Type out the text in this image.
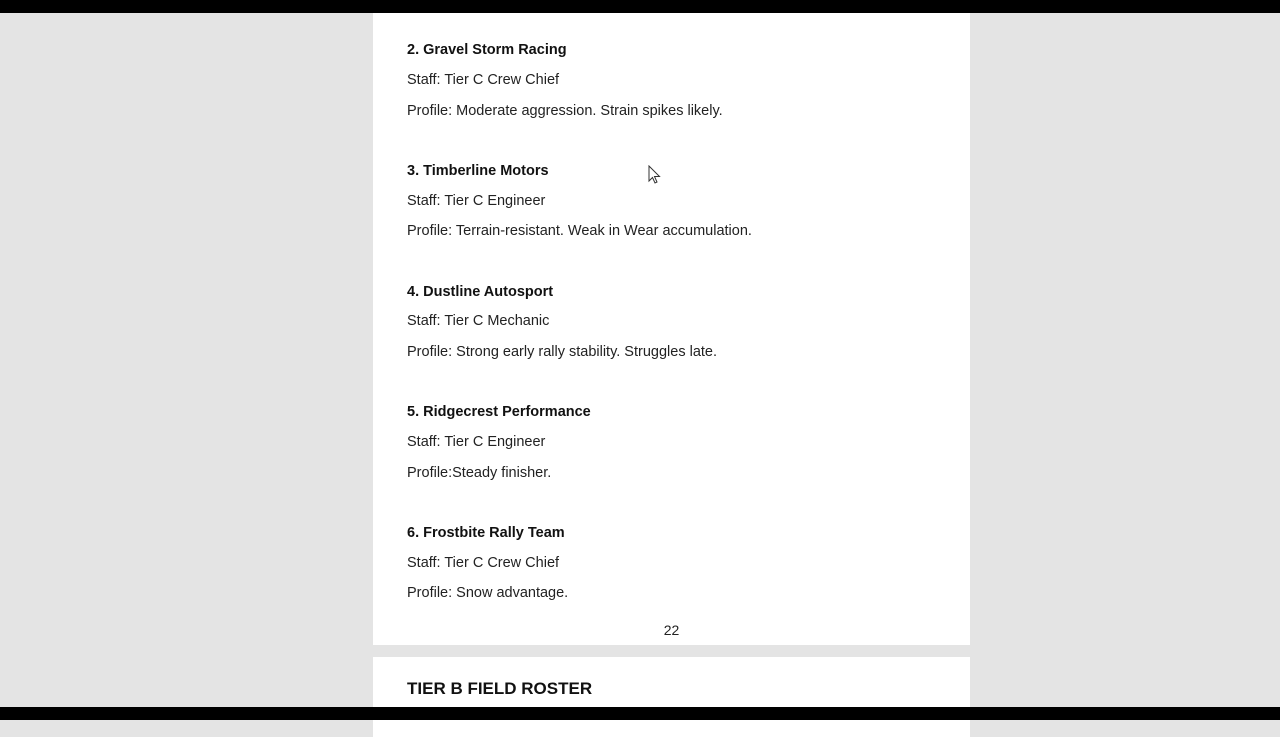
2. Gravel Storm Racing
Staff: Tier C Crew Chief
Profile: Moderate aggression. Strain spikes likely.
3. Timberline Motors
Staff: Tier C Engineer
Profile: Terrain-resistant. Weak in Wear accumulation.
4. Dustline Autosport
Staff: Tier C Mechanic
Profile: Strong early rally stability. Struggles late.
5. Ridgecrest Performance
Staff: Tier C Engineer
Profile:Steady finisher.
6. Frostbite Rally Team
Staff: Tier C Crew Chief
Profile: Snow advantage.
22
TIER B FIELD ROSTER
